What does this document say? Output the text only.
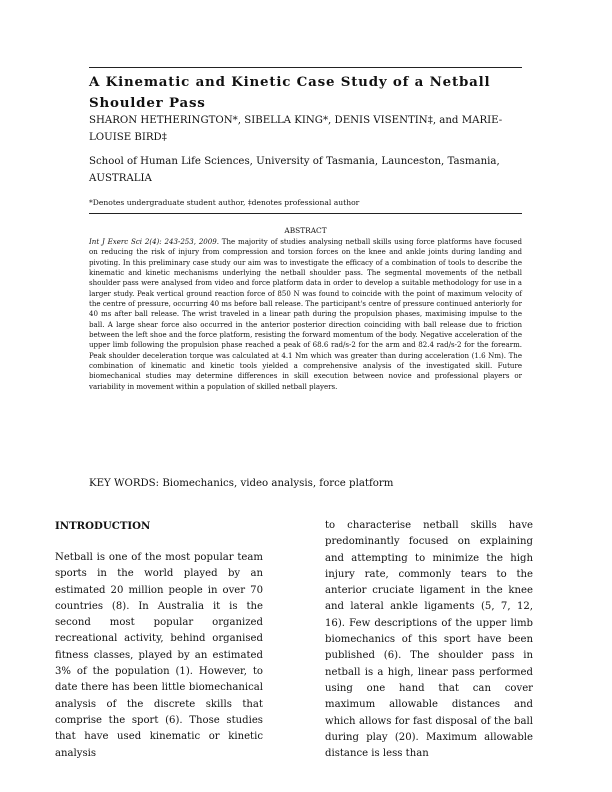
A Kinematic and Kinetic Case Study of a Netball Shoulder Pass
SHARON HETHERINGTON*, SIBELLA KING*, DENIS VISENTIN‡, and MARIE-LOUISE BIRD‡
School of Human Life Sciences, University of Tasmania, Launceston, Tasmania, AUSTRALIA
*Denotes undergraduate student author, ‡denotes professional author
ABSTRACT

Int J Exerc Sci 2(4): 243-253, 2009. The majority of studies analysing netball skills using force platforms have focused on reducing the risk of injury from compression and torsion forces on the knee and ankle joints during landing and pivoting. In this preliminary case study our aim was to investigate the efficacy of a combination of tools to describe the kinematic and kinetic mechanisms underlying the netball shoulder pass. The segmental movements of the netball shoulder pass were analysed from video and force platform data in order to develop a suitable methodology for use in a larger study. Peak vertical ground reaction force of 850 N was found to coincide with the point of maximum velocity of the centre of pressure, occurring 40 ms before ball release. The participant's centre of pressure continued anteriorly for 40 ms after ball release. The wrist traveled in a linear path during the propulsion phases, maximising impulse to the ball. A large shear force also occurred in the anterior posterior direction coinciding with ball release due to friction between the left shoe and the force platform, resisting the forward momentum of the body. Negative acceleration of the upper limb following the propulsion phase reached a peak of 68.6 rad/s-2 for the arm and 82.4 rad/s-2 for the forearm. Peak shoulder deceleration torque was calculated at 4.1 Nm which was greater than during acceleration (1.6 Nm). The combination of kinematic and kinetic tools yielded a comprehensive analysis of the investigated skill. Future biomechanical studies may determine differences in skill execution between novice and professional players or variability in movement within a population of skilled netball players.

KEY WORDS: Biomechanics, video analysis, force platform
INTRODUCTION

Netball is one of the most popular team sports in the world played by an estimated 20 million people in over 70 countries (8). In Australia it is the second most popular organized recreational activity, behind organised fitness classes, played by an estimated 3% of the population (1). However, to date there has been little biomechanical analysis of the discrete skills that comprise the sport (6). Those studies that have used kinematic or kinetic analysis

to characterise netball skills have predominantly focused on explaining and attempting to minimize the high injury rate, commonly tears to the anterior cruciate ligament in the knee and lateral ankle ligaments (5, 7, 12, 16). Few descriptions of the upper limb biomechanics of this sport have been published (6). The shoulder pass in netball is a high, linear pass performed using one hand that can cover maximum allowable distances and which allows for fast disposal of the ball during play (20). Maximum allowable distance is less than
